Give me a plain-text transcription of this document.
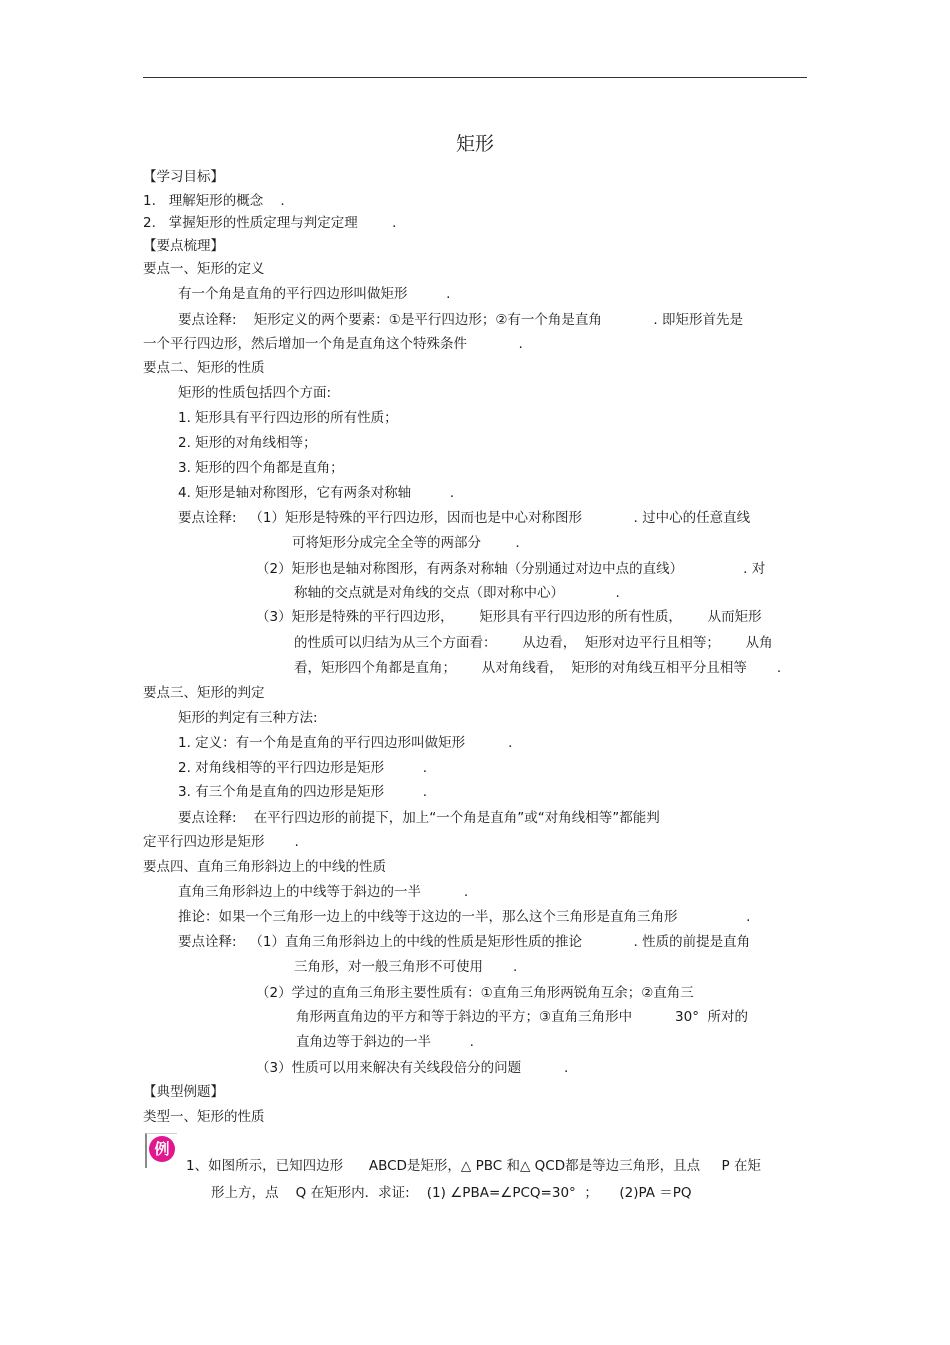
矩形
【学习目标】
1.   理解矩形的概念    .
2.   掌握矩形的性质定理与判定定理        .
【要点梳理】
要点一、矩形的定义
有一个角是直角的平行四边形叫做矩形         .
要点诠释:    矩形定义的两个要素：①是平行四边形；②有一个角是直角            . 即矩形首先是
一个平行四边形，然后增加一个角是直角这个特殊条件            .
要点二、矩形的性质
矩形的性质包括四个方面:
1. 矩形具有平行四边形的所有性质；
2. 矩形的对角线相等；
3. 矩形的四个角都是直角；
4. 矩形是轴对称图形，它有两条对称轴         .
要点诠释:   （1）矩形是特殊的平行四边形，因而也是中心对称图形            . 过中心的任意直线
可将矩形分成完全全等的两部分        .
（2）矩形也是轴对称图形，有两条对称轴（分别通过对边中点的直线）              . 对
称轴的交点就是对角线的交点（即对称中心）            .
（3）矩形是特殊的平行四边形，      矩形具有平行四边形的所有性质，      从而矩形
的性质可以归结为从三个方面看：      从边看，  矩形对边平行且相等；      从角
看，矩形四个角都是直角；      从对角线看，  矩形的对角线互相平分且相等       .
要点三、矩形的判定
矩形的判定有三种方法:
1. 定义：有一个角是直角的平行四边形叫做矩形          .
2. 对角线相等的平行四边形是矩形         .
3. 有三个角是直角的四边形是矩形         .
要点诠释:    在平行四边形的前提下，加上“一个角是直角”或“对角线相等”都能判
定平行四边形是矩形       .
要点四、直角三角形斜边上的中线的性质
直角三角形斜边上的中线等于斜边的一半          .
推论：如果一个三角形一边上的中线等于这边的一半，那么这个三角形是直角三角形                .
要点诠释:   （1）直角三角形斜边上的中线的性质是矩形性质的推论            . 性质的前提是直角
三角形，对一般三角形不可使用       .
（2）学过的直角三角形主要性质有：①直角三角形两锐角互余；②直角三
角形两直角边的平方和等于斜边的平方；③直角三角形中          30°  所对的
直角边等于斜边的一半         .
（3）性质可以用来解决有关线段倍分的问题          .
【典型例题】
类型一、矩形的性质
例
1、如图所示，已知四边形      ABCD是矩形，△ PBC 和△ QCD都是等边三角形，且点     P 在矩
形上方，点    Q 在矩形内．求证:    (1) ∠PBA=∠PCQ=30°  ；     (2)PA ＝PQ
